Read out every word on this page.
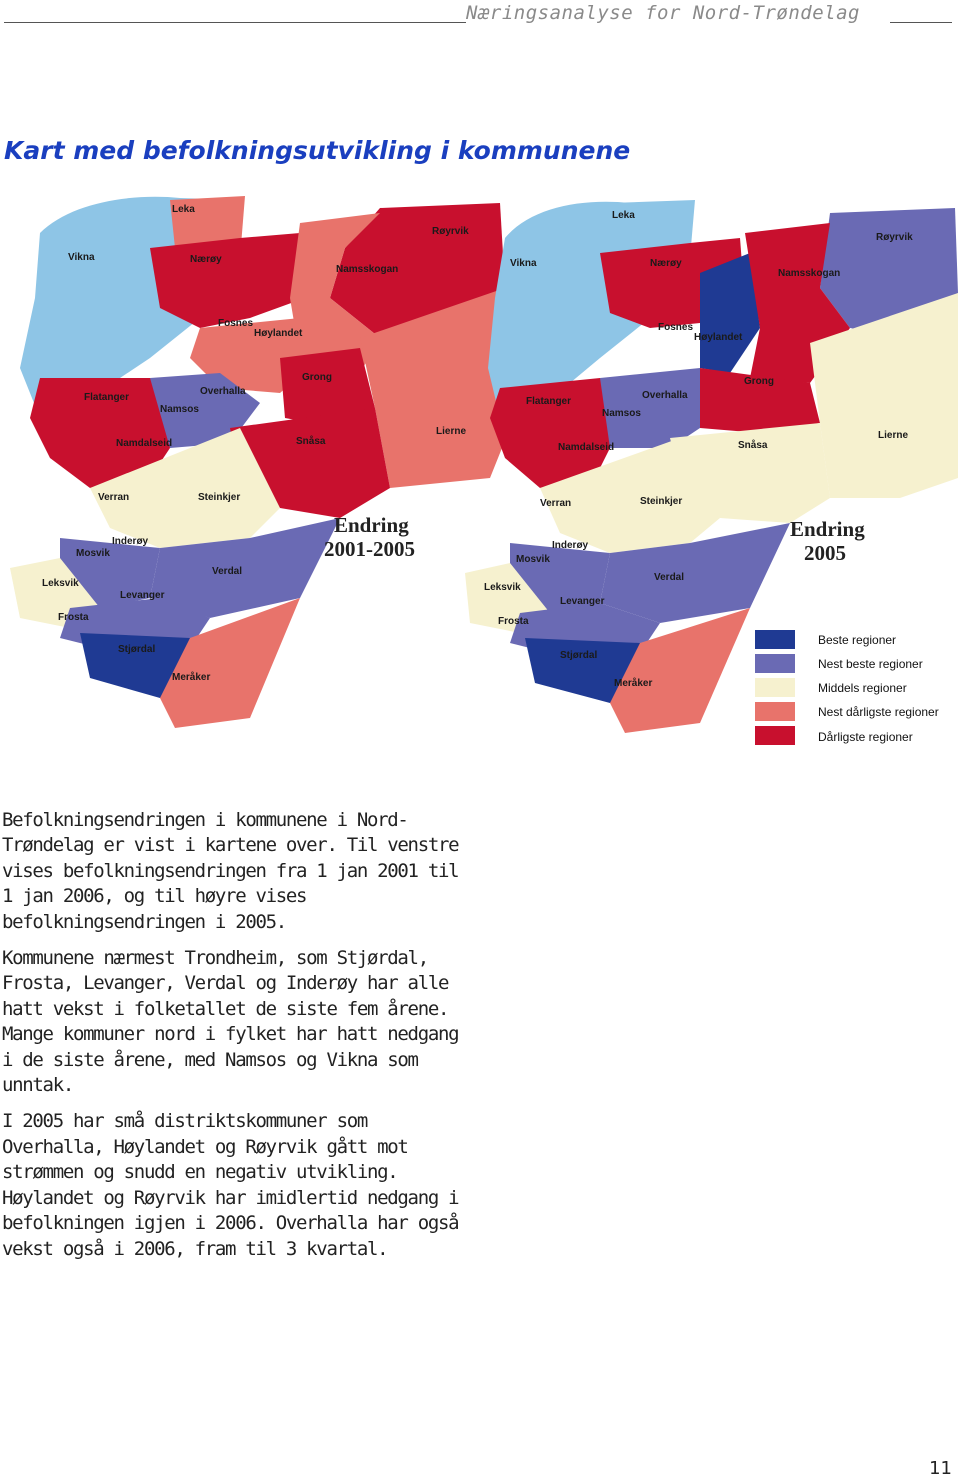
Næringsanalyse for Nord-Trøndelag
Kart med befolkningsutvikling i kommunene
Leka
Vikna	Nærøy
Røyrvik
Namsskogan
Fosnes
Høylandet
Grong
Flatanger
Overhalla
Namsos
Namdalseid	Snåsa
Lierne
Verran	Steinkjer
Inderøy
Mosvik
Verdal
Leksvik
Levanger
Frosta
Stjørdal
Meråker
Endring
2001-2005
Leka
Vikna	Nærøy
Røyrvik
Namsskogan
Fosnes
Høylandet
Grong
Flatanger
Overhalla
Namsos
Namdalseid	Snåsa
Lierne
Verran	Steinkjer
Inderøy
Mosvik
Verdal
Leksvik
Levanger
Frosta
Stjørdal
Meråker
Endring
2005
Beste regioner
Nest beste regioner
Middels regioner
Nest dårligste regioner
Dårligste regioner

Befolkningsendringen i kommunene i Nord-Trøndelag er vist i kartene over. Til venstre vises befolkningsendringen fra 1 jan 2001 til 1 jan 2006, og til høyre vises befolkningsendringen i 2005.

Kommunene nærmest Trondheim, som Stjørdal, Frosta, Levanger, Verdal og Inderøy har alle hatt vekst i folketallet de siste fem årene. Mange kommuner nord i fylket har hatt nedgang i de siste årene, med Namsos og Vikna som unntak.

I 2005 har små distriktskommuner som Overhalla, Høylandet og Røyrvik gått mot strømmen og snudd en negativ utvikling. Høylandet og Røyrvik har imidlertid nedgang i befolkningen igjen i 2006. Overhalla har også vekst også i 2006, fram til 3 kvartal.

11
